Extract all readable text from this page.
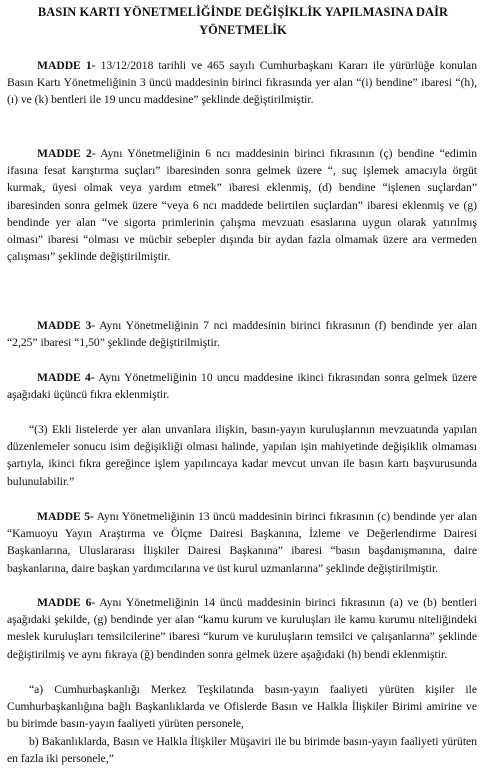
BASIN KARTI YÖNETMELİĞİNDE DEĞİŞİKLİK YAPILMASINA DAİR
YÖNETMELİK

MADDE 1- 13/12/2018 tarihli ve 465 sayılı Cumhurbaşkanı Kararı ile yürürlüğe konulan Basın Kartı Yönetmeliğinin 3 üncü maddesinin birinci fıkrasında yer alan “(i) bendine” ibaresi “(h), (ı) ve (k) bentleri ile 19 uncu maddesine” şeklinde değiştirilmiştir.

MADDE 2- Aynı Yönetmeliğinin 6 ncı maddesinin birinci fıkrasının (ç) bendine “edimin ifasına fesat karıştırma suçları” ibaresinden sonra gelmek üzere “, suç işlemek amacıyla örgüt kurmak, üyesi olmak veya yardım etmek” ibaresi eklenmiş, (d) bendine “işlenen suçlardan” ibaresinden sonra gelmek üzere “veya 6 ncı maddede belirtilen suçlardan” ibaresi eklenmiş ve (g) bendinde yer alan “ve sigorta primlerinin çalışma mevzuatı esaslarına uygun olarak yatırılmış olması” ibaresi “olması ve mücbir sebepler dışında bir aydan fazla olmamak üzere ara vermeden çalışması” şeklinde değiştirilmiştir.

MADDE 3- Aynı Yönetmeliğinin 7 nci maddesinin birinci fıkrasının (f) bendinde yer alan “2,25” ibaresi “1,50” şeklinde değiştirilmiştir.

MADDE 4- Aynı Yönetmeliğinin 10 uncu maddesine ikinci fıkrasından sonra gelmek üzere aşağıdaki üçüncü fıkra eklenmiştir.

“(3) Ekli listelerde yer alan unvanlara ilişkin, basın-yayın kuruluşlarının mevzuatında yapılan düzenlemeler sonucu isim değişikliği olması halinde, yapılan işin mahiyetinde değişiklik olmaması şartıyla, ikinci fıkra gereğince işlem yapılıncaya kadar mevcut unvan ile basın kartı başvurusunda bulunulabilir.”

MADDE 5- Aynı Yönetmeliğinin 13 üncü maddesinin birinci fıkrasının (c) bendinde yer alan “Kamuoyu Yayın Araştırma ve Ölçme Dairesi Başkanına, İzleme ve Değerlendirme Dairesi Başkanlarına, Uluslararası İlişkiler Dairesi Başkanına” ibaresi “basın başdanışmanına, daire başkanlarına, daire başkan yardımcılarına ve üst kurul uzmanlarına” şeklinde değiştirilmiştir.

MADDE 6- Aynı Yönetmeliğinin 14 üncü maddesinin birinci fıkrasının (a) ve (b) bentleri aşağıdaki şekilde, (g) bendinde yer alan “kamu kurum ve kuruluşları ile kamu kurumu niteliğindeki meslek kuruluşları temsilcilerine” ibaresi “kurum ve kuruluşların temsilci ve çalışanlarına” şeklinde değiştirilmiş ve aynı fıkraya (ğ) bendinden sonra gelmek üzere aşağıdaki (h) bendi eklenmiştir.

“a) Cumhurbaşkanlığı Merkez Teşkilatında basın-yayın faaliyeti yürüten kişiler ile Cumhurbaşkanlığına bağlı Başkanlıklarda ve Ofislerde Basın ve Halkla İlişkiler Birimi amirine ve bu birimde basın-yayın faaliyeti yürüten personele,

b) Bakanlıklarda, Basın ve Halkla İlişkiler Müşaviri ile bu birimde basın-yayın faaliyeti yürüten en fazla iki personele,”
